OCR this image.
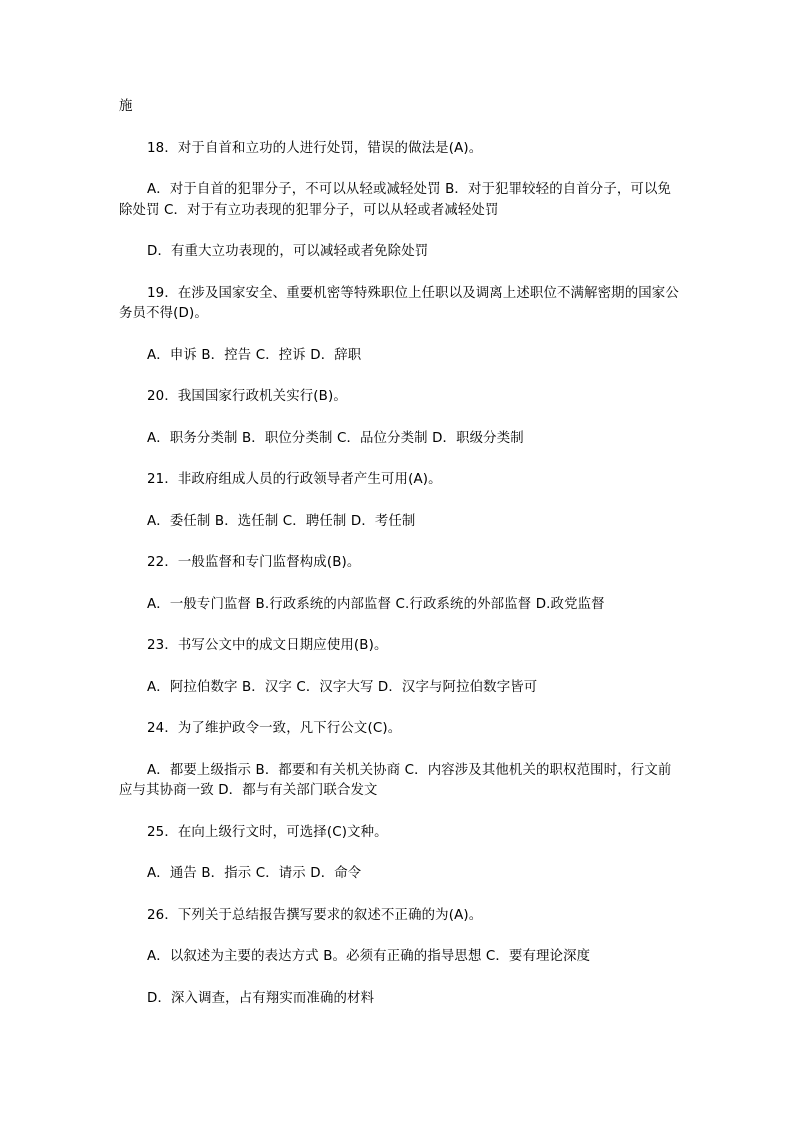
施

18．对于自首和立功的人进行处罚，错误的做法是(A)。

A．对于自首的犯罪分子，不可以从轻或减轻处罚 B．对于犯罪较轻的自首分子，可以免除处罚 C．对于有立功表现的犯罪分子，可以从轻或者减轻处罚

D．有重大立功表现的，可以减轻或者免除处罚

19．在涉及国家安全、重要机密等特殊职位上任职以及调离上述职位不满解密期的国家公务员不得(D)。

A．申诉 B．控告 C．控诉 D．辞职

20．我国国家行政机关实行(B)。

A．职务分类制 B．职位分类制 C．品位分类制 D．职级分类制

21．非政府组成人员的行政领导者产生可用(A)。

A．委任制 B．选任制 C．聘任制 D．考任制

22．一般监督和专门监督构成(B)。

A．一般专门监督 B.行政系统的内部监督 C.行政系统的外部监督 D.政党监督

23．书写公文中的成文日期应使用(B)。

A．阿拉伯数字 B．汉字 C．汉字大写 D．汉字与阿拉伯数字皆可

24．为了维护政令一致，凡下行公文(C)。

A．都要上级指示 B．都要和有关机关协商 C．内容涉及其他机关的职权范围时，行文前应与其协商一致 D．都与有关部门联合发文

25．在向上级行文时，可选择(C)文种。

A．通告 B．指示 C．请示 D．命令

26．下列关于总结报告撰写要求的叙述不正确的为(A)。

A．以叙述为主要的表达方式 B。必须有正确的指导思想 C．要有理论深度

D．深入调查，占有翔实而准确的材料
